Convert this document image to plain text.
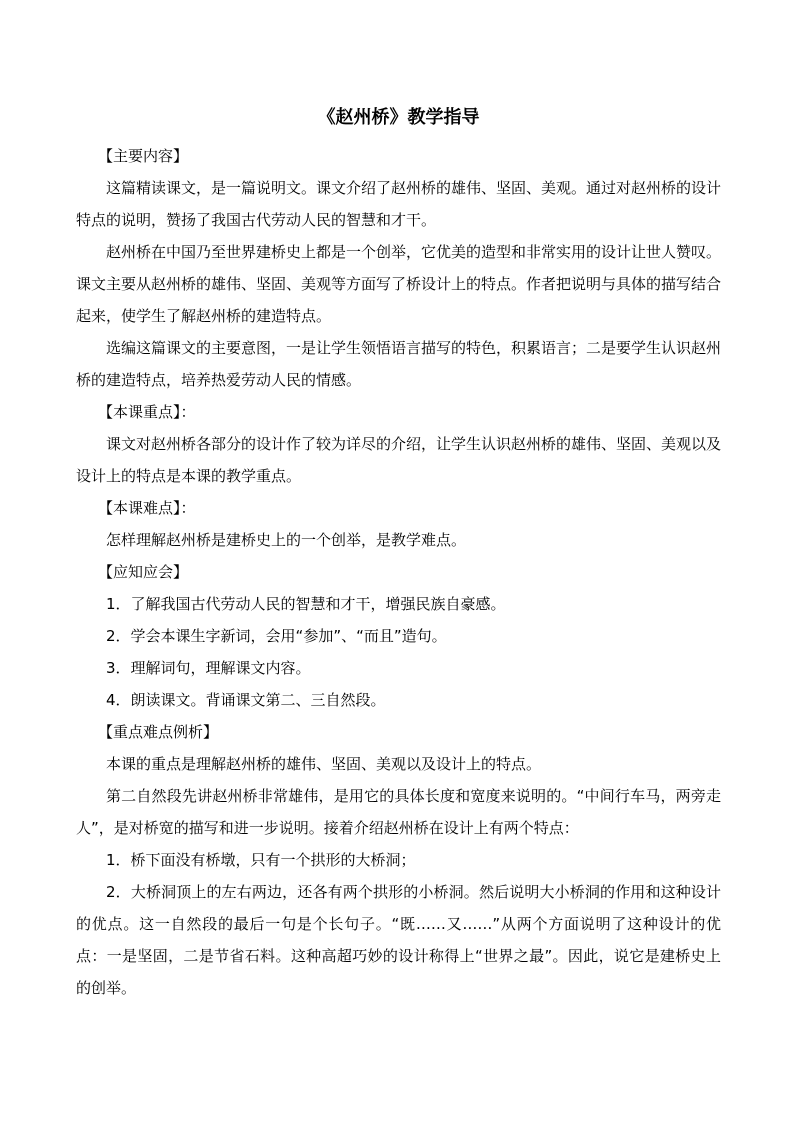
《赵州桥》教学指导

【主要内容】

这篇精读课文，是一篇说明文。课文介绍了赵州桥的雄伟、坚固、美观。通过对赵州桥的设计特点的说明，赞扬了我国古代劳动人民的智慧和才干。

赵州桥在中国乃至世界建桥史上都是一个创举，它优美的造型和非常实用的设计让世人赞叹。课文主要从赵州桥的雄伟、坚固、美观等方面写了桥设计上的特点。作者把说明与具体的描写结合起来，使学生了解赵州桥的建造特点。

选编这篇课文的主要意图，一是让学生领悟语言描写的特色，积累语言；二是要学生认识赵州桥的建造特点，培养热爱劳动人民的情感。

【本课重点】：

课文对赵州桥各部分的设计作了较为详尽的介绍，让学生认识赵州桥的雄伟、坚固、美观以及设计上的特点是本课的教学重点。

【本课难点】：

怎样理解赵州桥是建桥史上的一个创举，是教学难点。

【应知应会】

1．了解我国古代劳动人民的智慧和才干，增强民族自豪感。

2．学会本课生字新词，会用“参加”、“而且”造句。

3．理解词句，理解课文内容。

4．朗读课文。背诵课文第二、三自然段。

【重点难点例析】

本课的重点是理解赵州桥的雄伟、坚固、美观以及设计上的特点。

第二自然段先讲赵州桥非常雄伟，是用它的具体长度和宽度来说明的。“中间行车马，两旁走人”，是对桥宽的描写和进一步说明。接着介绍赵州桥在设计上有两个特点：

1．桥下面没有桥墩，只有一个拱形的大桥洞；

2．大桥洞顶上的左右两边，还各有两个拱形的小桥洞。然后说明大小桥洞的作用和这种设计的优点。这一自然段的最后一句是个长句子。“既……又……”从两个方面说明了这种设计的优点：一是坚固，二是节省石料。这种高超巧妙的设计称得上“世界之最”。因此，说它是建桥史上的创举。
